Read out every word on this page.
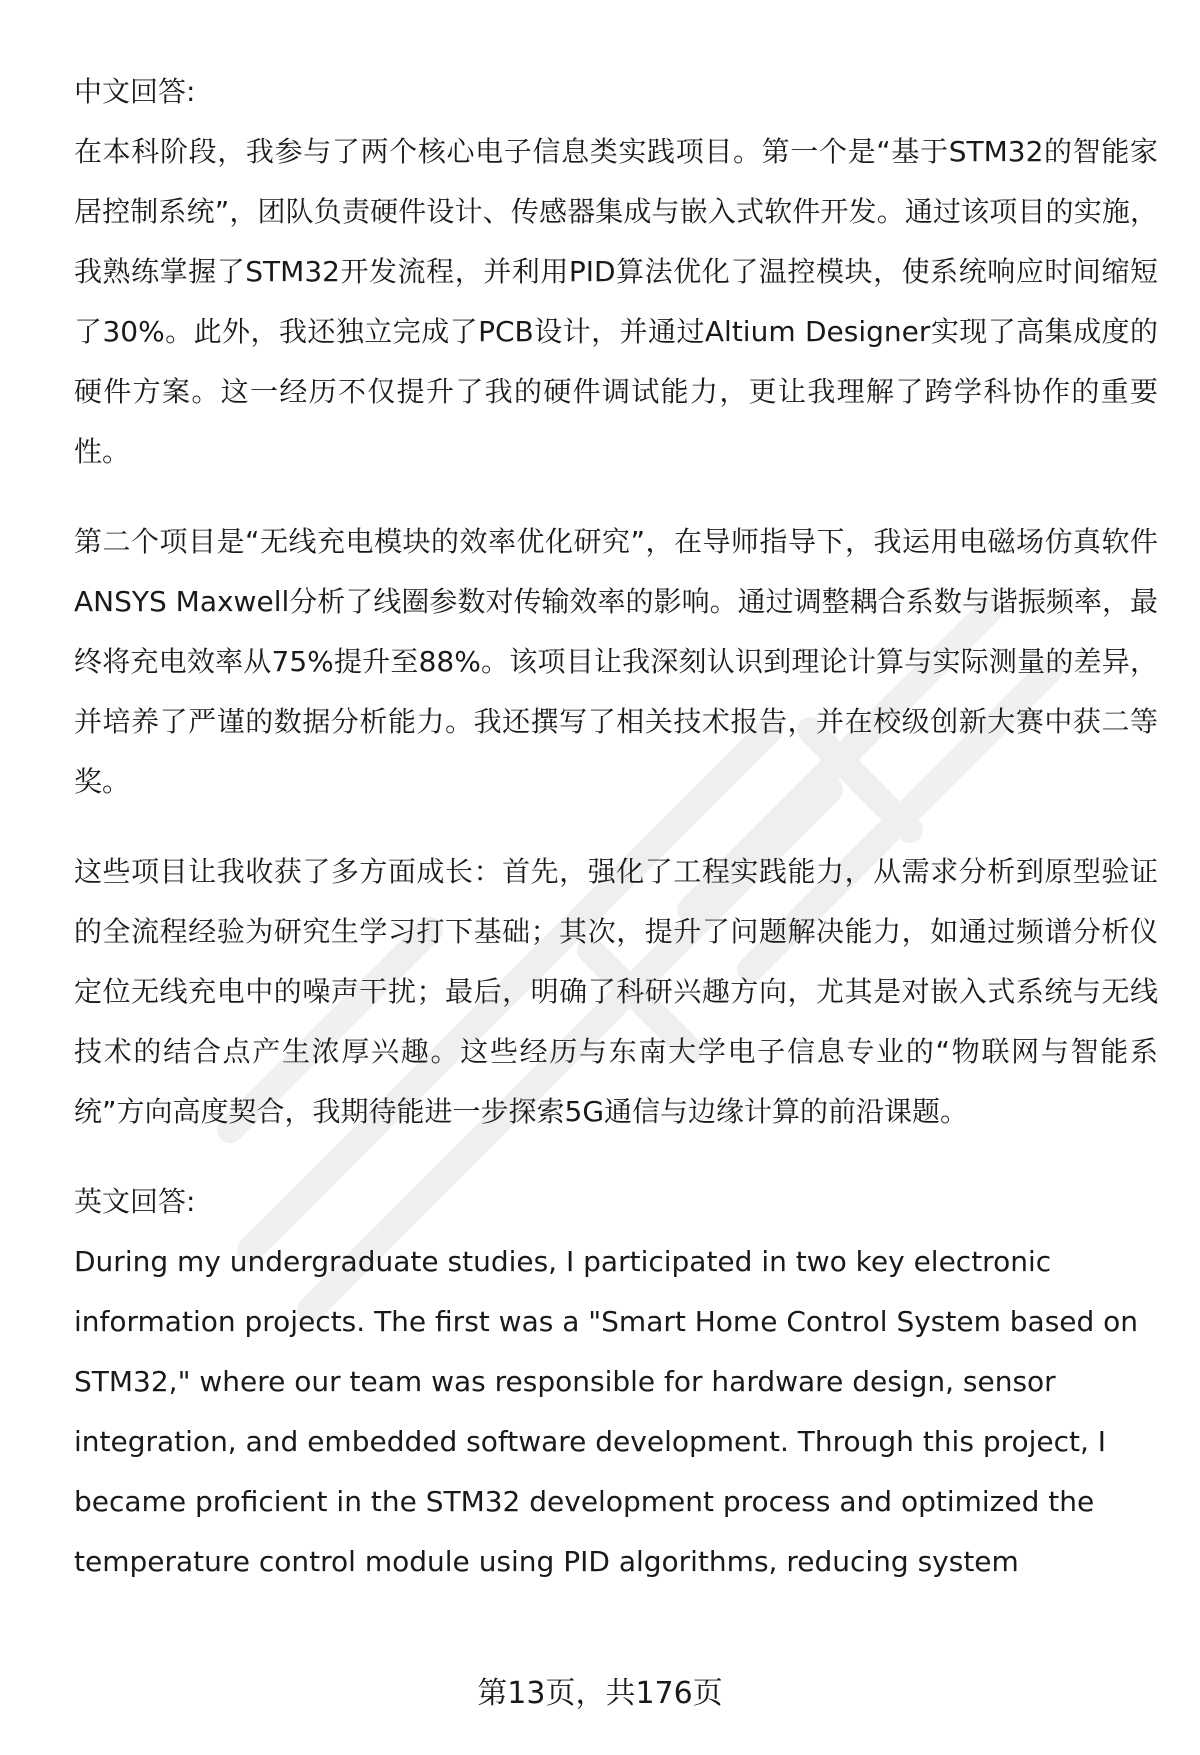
中文回答:

在本科阶段，我参与了两个核心电子信息类实践项目。第一个是“基于STM32的智能家居控制系统”，团队负责硬件设计、传感器集成与嵌入式软件开发。通过该项目的实施，我熟练掌握了STM32开发流程，并利用PID算法优化了温控模块，使系统响应时间缩短了30%。此外，我还独立完成了PCB设计，并通过Altium Designer实现了高集成度的硬件方案。这一经历不仅提升了我的硬件调试能力，更让我理解了跨学科协作的重要性。

第二个项目是“无线充电模块的效率优化研究”，在导师指导下，我运用电磁场仿真软件ANSYS Maxwell分析了线圈参数对传输效率的影响。通过调整耦合系数与谐振频率，最终将充电效率从75%提升至88%。该项目让我深刻认识到理论计算与实际测量的差异，并培养了严谨的数据分析能力。我还撰写了相关技术报告，并在校级创新大赛中获二等奖。

这些项目让我收获了多方面成长：首先，强化了工程实践能力，从需求分析到原型验证的全流程经验为研究生学习打下基础；其次，提升了问题解决能力，如通过频谱分析仪定位无线充电中的噪声干扰；最后，明确了科研兴趣方向，尤其是对嵌入式系统与无线技术的结合点产生浓厚兴趣。这些经历与东南大学电子信息专业的“物联网与智能系统”方向高度契合，我期待能进一步探索5G通信与边缘计算的前沿课题。

英文回答:

During my undergraduate studies, I participated in two key electronic information projects. The first was a "Smart Home Control System based on STM32," where our team was responsible for hardware design, sensor integration, and embedded software development. Through this project, I became proficient in the STM32 development process and optimized the temperature control module using PID algorithms, reducing system

第13页，共176页
